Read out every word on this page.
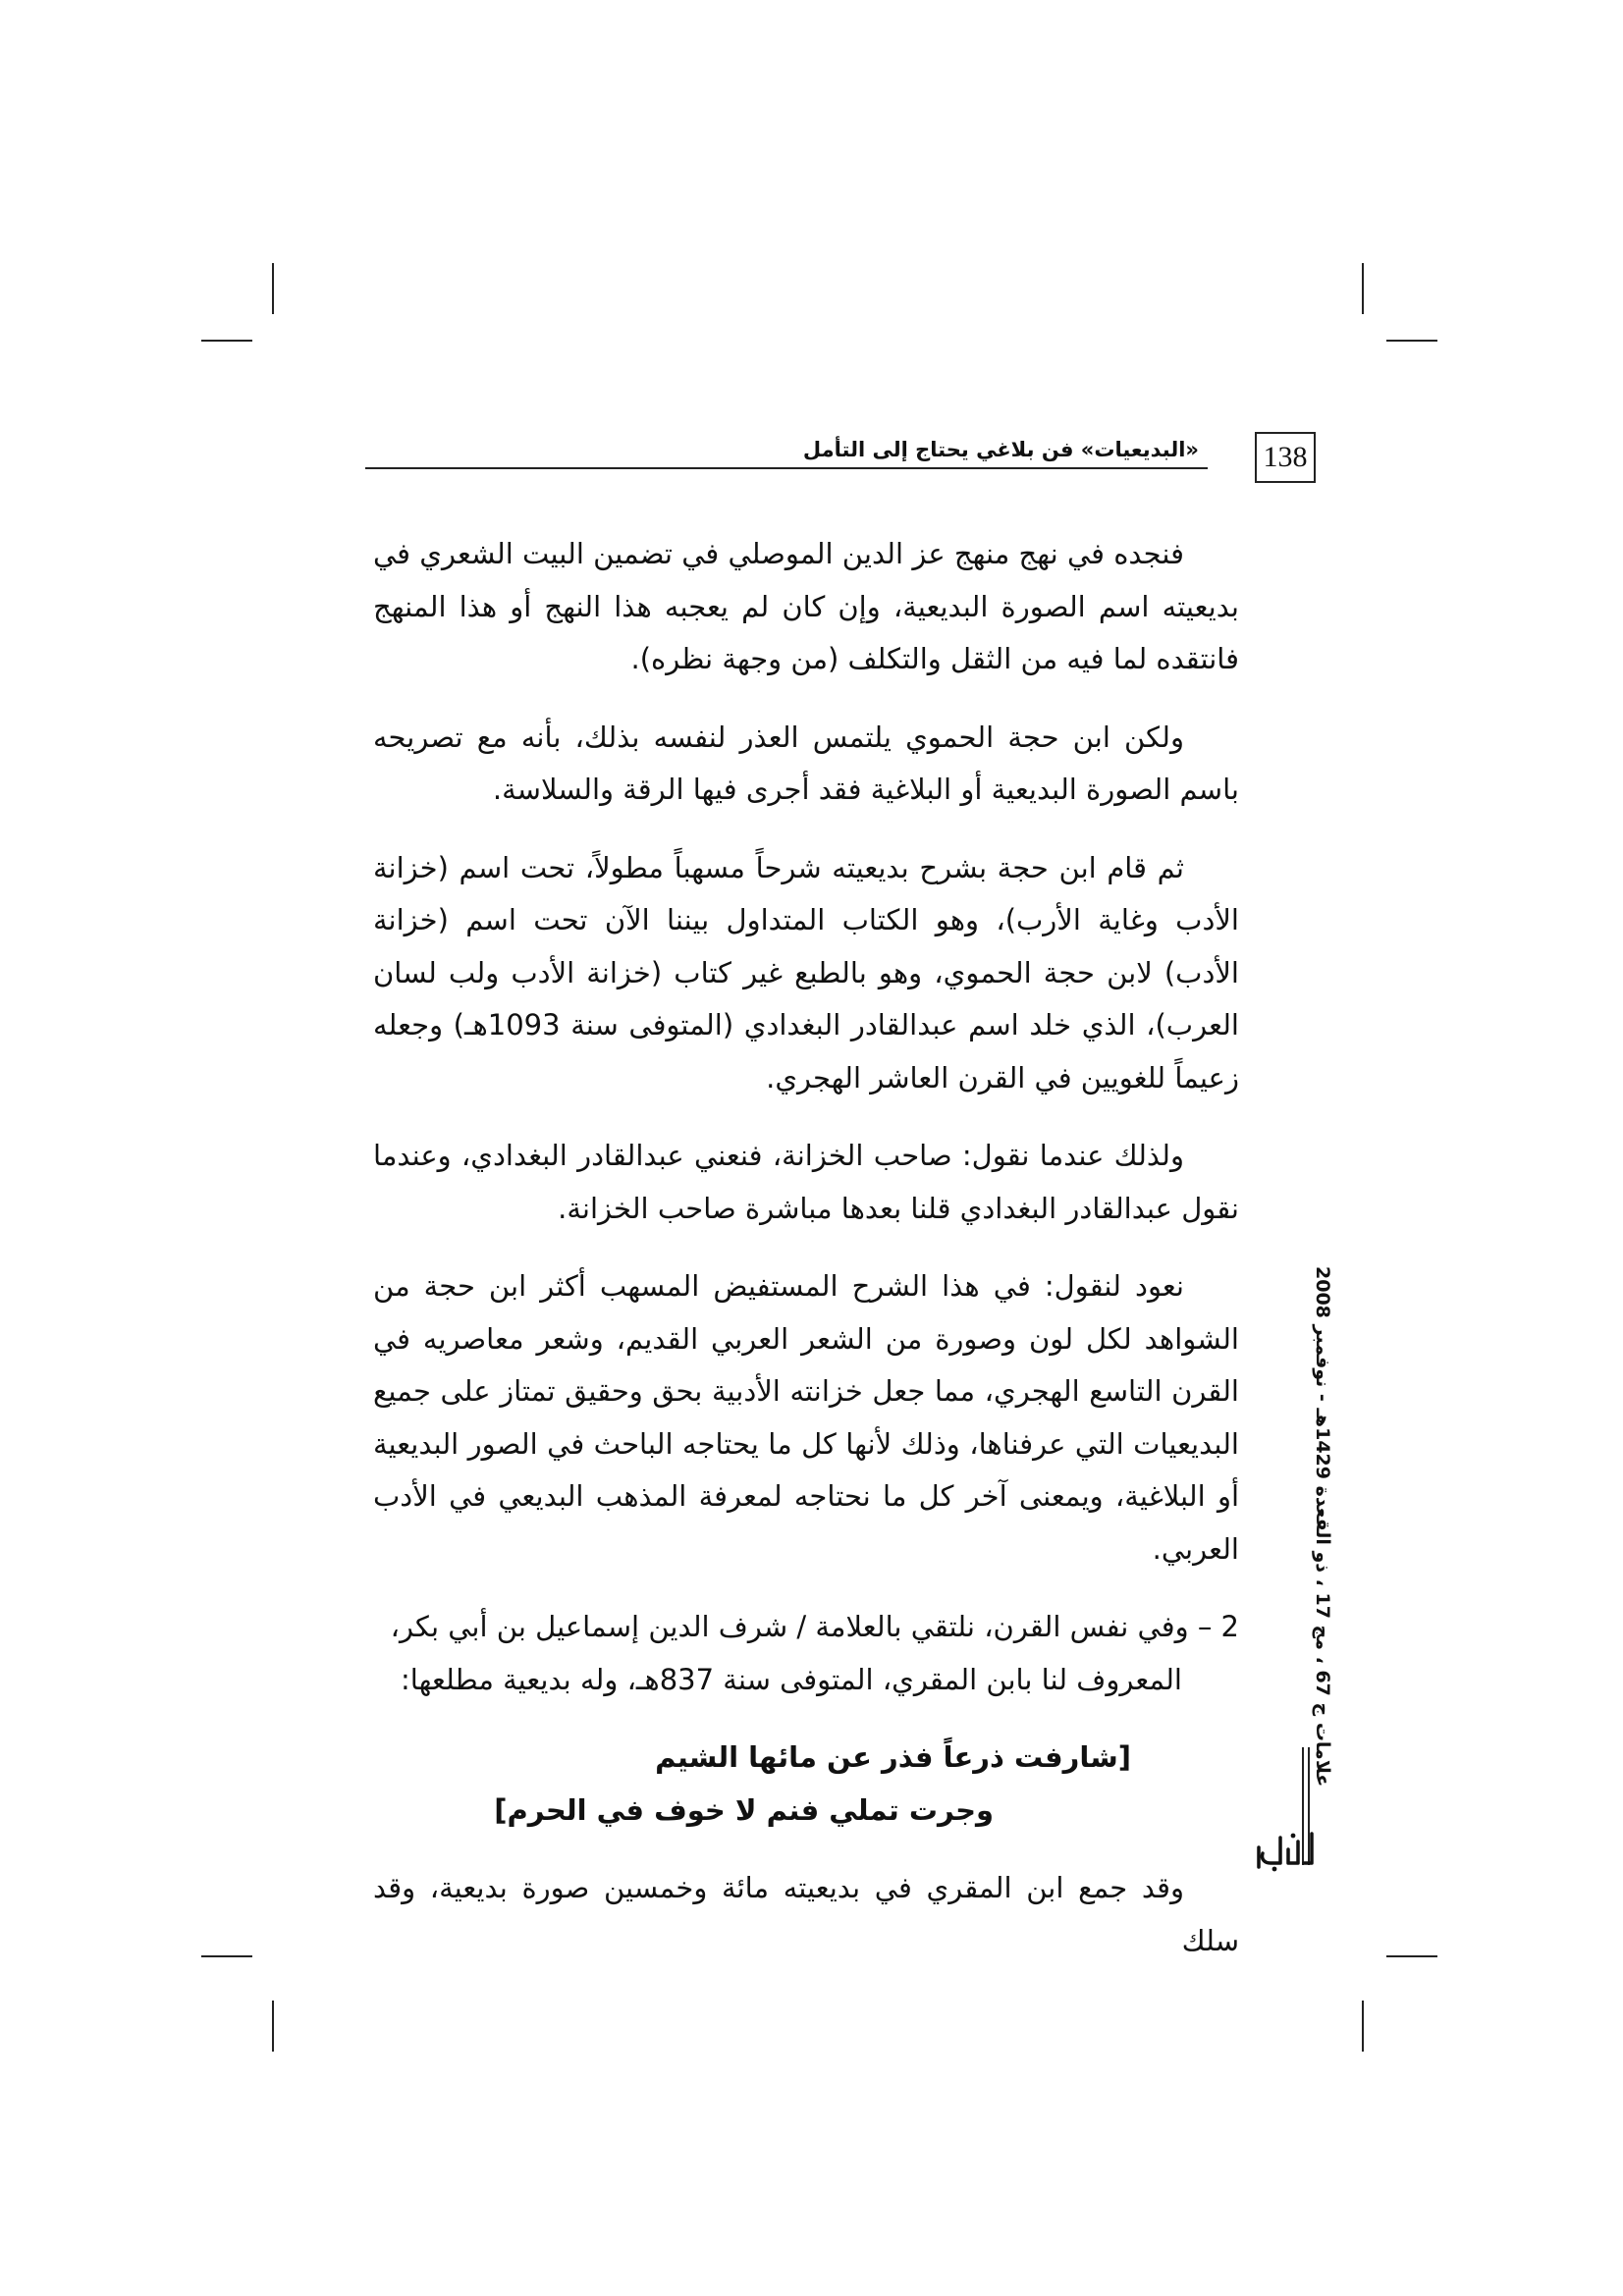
138
«البديعيات» فن بلاغي يحتاج إلى التأمل

فنجده في نهج منهج عز الدين الموصلي في تضمين البيت الشعري في بديعيته اسم الصورة البديعية، وإن كان لم يعجبه هذا النهج أو هذا المنهج فانتقده لما فيه من الثقل والتكلف (من وجهة نظره).

ولكن ابن حجة الحموي يلتمس العذر لنفسه بذلك، بأنه مع تصريحه باسم الصورة البديعية أو البلاغية فقد أجرى فيها الرقة والسلاسة.

ثم قام ابن حجة بشرح بديعيته شرحاً مسهباً مطولاً، تحت اسم (خزانة الأدب وغاية الأرب)، وهو الكتاب المتداول بيننا الآن تحت اسم (خزانة الأدب) لابن حجة الحموي، وهو بالطبع غير كتاب (خزانة الأدب ولب لسان العرب)، الذي خلد اسم عبدالقادر البغدادي (المتوفى سنة 1093هـ) وجعله زعيماً للغويين في القرن العاشر الهجري.

ولذلك عندما نقول: صاحب الخزانة، فنعني عبدالقادر البغدادي، وعندما نقول عبدالقادر البغدادي قلنا بعدها مباشرة صاحب الخزانة.

نعود لنقول: في هذا الشرح المستفيض المسهب أكثر ابن حجة من الشواهد لكل لون وصورة من الشعر العربي القديم، وشعر معاصريه في القرن التاسع الهجري، مما جعل خزانته الأدبية بحق وحقيق تمتاز على جميع البديعيات التي عرفناها، وذلك لأنها كل ما يحتاجه الباحث في الصور البديعية أو البلاغية، ويمعنى آخر كل ما نحتاجه لمعرفة المذهب البديعي في الأدب العربي.

2 – وفي نفس القرن، نلتقي بالعلامة / شرف الدين إسماعيل بن أبي بكر،
المعروف لنا بابن المقري، المتوفى سنة 837هـ، وله بديعية مطلعها:

[شارفت ذرعاً فذر عن مائها الشيم
وجرت تملي فنم لا خوف في الحرم]

وقد جمع ابن المقري في بديعيته مائة وخمسين صورة بديعية، وقد سلك

علامات ج 67 ، مج 17 ، ذو القعدة 1429هـ - نوفمبر 2008
